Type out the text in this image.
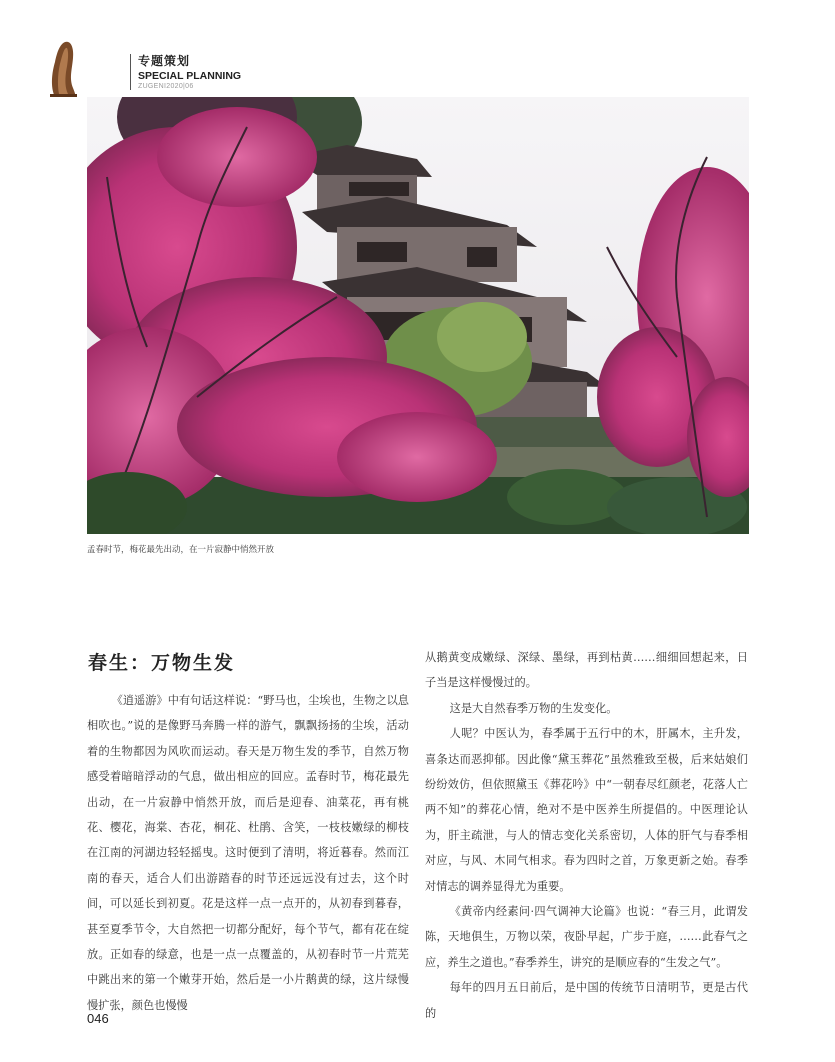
专题策划
SPECIAL PLANNING
ZUGENI2020|06
孟春时节，梅花最先出动，在一片寂静中悄然开放
春生：万物生发

《逍遥游》中有句话这样说：“野马也，尘埃也，生物之以息相吹也。”说的是像野马奔腾一样的游气，飘飘扬扬的尘埃，活动着的生物都因为风吹而运动。春天是万物生发的季节，自然万物感受着暗暗浮动的气息，做出相应的回应。孟春时节，梅花最先出动，在一片寂静中悄然开放，而后是迎春、油菜花，再有桃花、樱花，海棠、杏花，桐花、杜鹃、含笑，一枝枝嫩绿的柳枝在江南的河湖边轻轻摇曳。这时便到了清明，将近暮春。然而江南的春天，适合人们出游踏春的时节还远远没有过去，这个时间，可以延长到初夏。花是这样一点一点开的，从初春到暮春，甚至夏季节令，大自然把一切都分配好，每个节气，都有花在绽放。正如春的绿意，也是一点一点覆盖的，从初春时节一片荒芜中跳出来的第一个嫩芽开始，然后是一小片鹅黄的绿，这片绿慢慢扩张，颜色也慢慢

从鹅黄变成嫩绿、深绿、墨绿，再到枯黄……细细回想起来，日子当是这样慢慢过的。

这是大自然春季万物的生发变化。

人呢？中医认为，春季属于五行中的木，肝属木，主升发，喜条达而恶抑郁。因此像“黛玉葬花”虽然雅致至极，后来姑娘们纷纷效仿，但依照黛玉《葬花吟》中“一朝春尽红颜老，花落人亡两不知”的葬花心情，绝对不是中医养生所提倡的。中医理论认为，肝主疏泄，与人的情志变化关系密切，人体的肝气与春季相对应，与风、木同气相求。春为四时之首，万象更新之始。春季对情志的调养显得尤为重要。

《黄帝内经素问·四气调神大论篇》也说：“春三月，此谓发陈，天地俱生，万物以荣，夜卧早起，广步于庭，……此春气之应，养生之道也。”春季养生，讲究的是顺应春的“生发之气”。

每年的四月五日前后，是中国的传统节日清明节，更是古代的

046
